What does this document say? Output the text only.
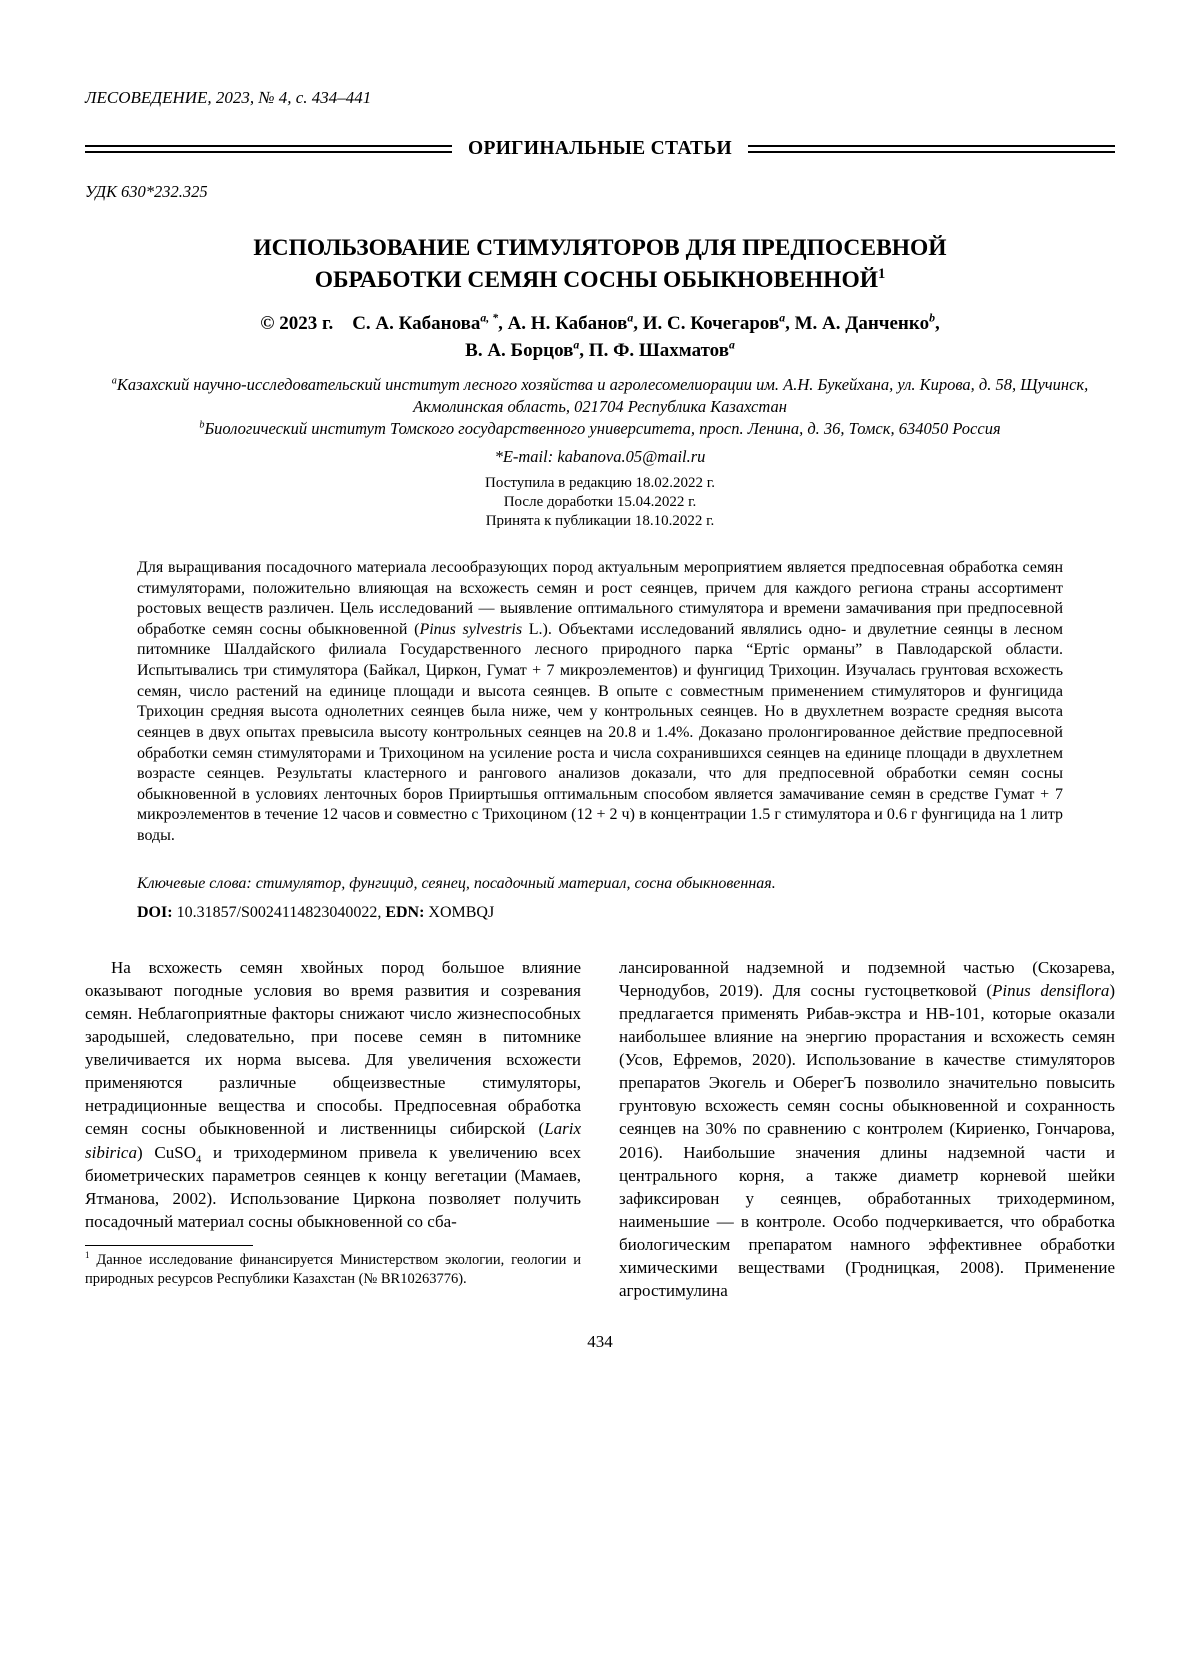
ЛЕСОВЕДЕНИЕ, 2023, № 4, с. 434–441
ОРИГИНАЛЬНЫЕ СТАТЬИ
УДК 630*232.325
ИСПОЛЬЗОВАНИЕ СТИМУЛЯТОРОВ ДЛЯ ПРЕДПОСЕВНОЙ
ОБРАБОТКИ СЕМЯН СОСНЫ ОБЫКНОВЕННОЙ$^1$
© 2023 г.    С. А. Кабанова$^{a, *}$, А. Н. Кабанов$^a$, И. С. Кочегаров$^a$, М. А. Данченко$^b$,
В. А. Борцов$^a$, П. Ф. Шахматов$^a$
$^a$Казахский научно-исследовательский институт лесного хозяйства и агролесомелиорации им. А.Н. Букейхана, ул. Кирова, д. 58, Щучинск, Акмолинская область, 021704 Республика Казахстан
$^b$Биологический институт Томского государственного университета, просп. Ленина, д. 36, Томск, 634050 Россия
*E-mail: kabanova.05@mail.ru
Поступила в редакцию 18.02.2022 г.
После доработки 15.04.2022 г.
Принята к публикации 18.10.2022 г.

Для выращивания посадочного материала лесообразующих пород актуальным мероприятием является предпосевная обработка семян стимуляторами, положительно влияющая на всхожесть семян и рост сеянцев, причем для каждого региона страны ассортимент ростовых веществ различен. Цель исследований — выявление оптимального стимулятора и времени замачивания при предпосевной обработке семян сосны обыкновенной (Pinus sylvestris L.). Объектами исследований являлись одно- и двулетние сеянцы в лесном питомнике Шалдайского филиала Государственного лесного природного парка “Ертіс орманы” в Павлодарской области. Испытывались три стимулятора (Байкал, Циркон, Гумат + 7 микроэлементов) и фунгицид Трихоцин. Изучалась грунтовая всхожесть семян, число растений на единице площади и высота сеянцев. В опыте с совместным применением стимуляторов и фунгицида Трихоцин средняя высота однолетних сеянцев была ниже, чем у контрольных сеянцев. Но в двухлетнем возрасте средняя высота сеянцев в двух опытах превысила высоту контрольных сеянцев на 20.8 и 1.4%. Доказано пролонгированное действие предпосевной обработки семян стимуляторами и Трихоцином на усиление роста и числа сохранившихся сеянцев на единице площади в двухлетнем возрасте сеянцев. Результаты кластерного и рангового анализов доказали, что для предпосевной обработки семян сосны обыкновенной в условиях ленточных боров Прииртышья оптимальным способом является замачивание семян в средстве Гумат + 7 микроэлементов в течение 12 часов и совместно с Трихоцином (12 + 2 ч) в концентрации 1.5 г стимулятора и 0.6 г фунгицида на 1 литр воды.

Ключевые слова: стимулятор, фунгицид, сеянец, посадочный материал, сосна обыкновенная.

DOI: 10.31857/S0024114823040022, EDN: XOMBQJ

На всхожесть семян хвойных пород большое влияние оказывают погодные условия во время развития и созревания семян. Неблагоприятные факторы снижают число жизнеспособных зародышей, следовательно, при посеве семян в питомнике увеличивается их норма высева. Для увеличения всхожести применяются различные общеизвестные стимуляторы, нетрадиционные вещества и способы. Предпосевная обработка семян сосны обыкновенной и лиственницы сибирской (Larix sibirica) CuSO$_4$ и триходермином привела к увеличению всех биометрических параметров сеянцев к концу вегетации (Мамаев, Ятманова, 2002). Использование Циркона позволяет получить посадочный материал сосны обыкновенной со сба-

$^1$ Данное исследование финансируется Министерством экологии, геологии и природных ресурсов Республики Казахстан (№ BR10263776).

лансированной надземной и подземной частью (Скозарева, Чернодубов, 2019). Для сосны густоцветковой (Pinus densiflora) предлагается применять Рибав-экстра и НВ-101, которые оказали наибольшее влияние на энергию прорастания и всхожесть семян (Усов, Ефремов, 2020). Использование в качестве стимуляторов препаратов Экогель и ОберегЪ позволило значительно повысить грунтовую всхожесть семян сосны обыкновенной и сохранность сеянцев на 30% по сравнению с контролем (Кириенко, Гончарова, 2016). Наибольшие значения длины надземной части и центрального корня, а также диаметр корневой шейки зафиксирован у сеянцев, обработанных триходермином, наименьшие — в контроле. Особо подчеркивается, что обработка биологическим препаратом намного эффективнее обработки химическими веществами (Гродницкая, 2008). Применение агростимулина

434
